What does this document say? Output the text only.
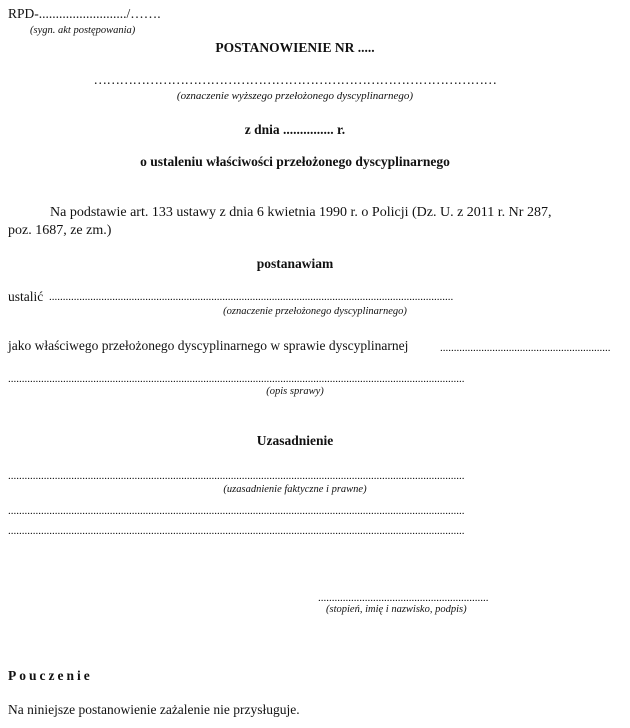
RPD-........................../…….
(sygn. akt postępowania)
POSTANOWIENIE NR .....
…………………………………………………………………………………
(oznaczenie wyższego przełożonego dyscyplinarnego)
z dnia ............... r.
o ustaleniu właściwości przełożonego dyscyplinarnego
Na podstawie art. 133 ustawy z dnia 6 kwietnia 1990 r. o Policji (Dz. U. z 2011 r. Nr 287,
poz. 1687, ze zm.)
postanawiam
ustalić ...................................................................................................................................................
(oznaczenie przełożonego dyscyplinarnego)
jako właściwego przełożonego dyscyplinarnego w sprawie dyscyplinarnej	..............................................................
......................................................................................................................................................................
(opis sprawy)
Uzasadnienie
......................................................................................................................................................................
(uzasadnienie faktyczne i prawne)
......................................................................................................................................................................
......................................................................................................................................................................
..............................................................
(stopień, imię i nazwisko, podpis)
Pouczenie
Na niniejsze postanowienie zażalenie nie przysługuje.
